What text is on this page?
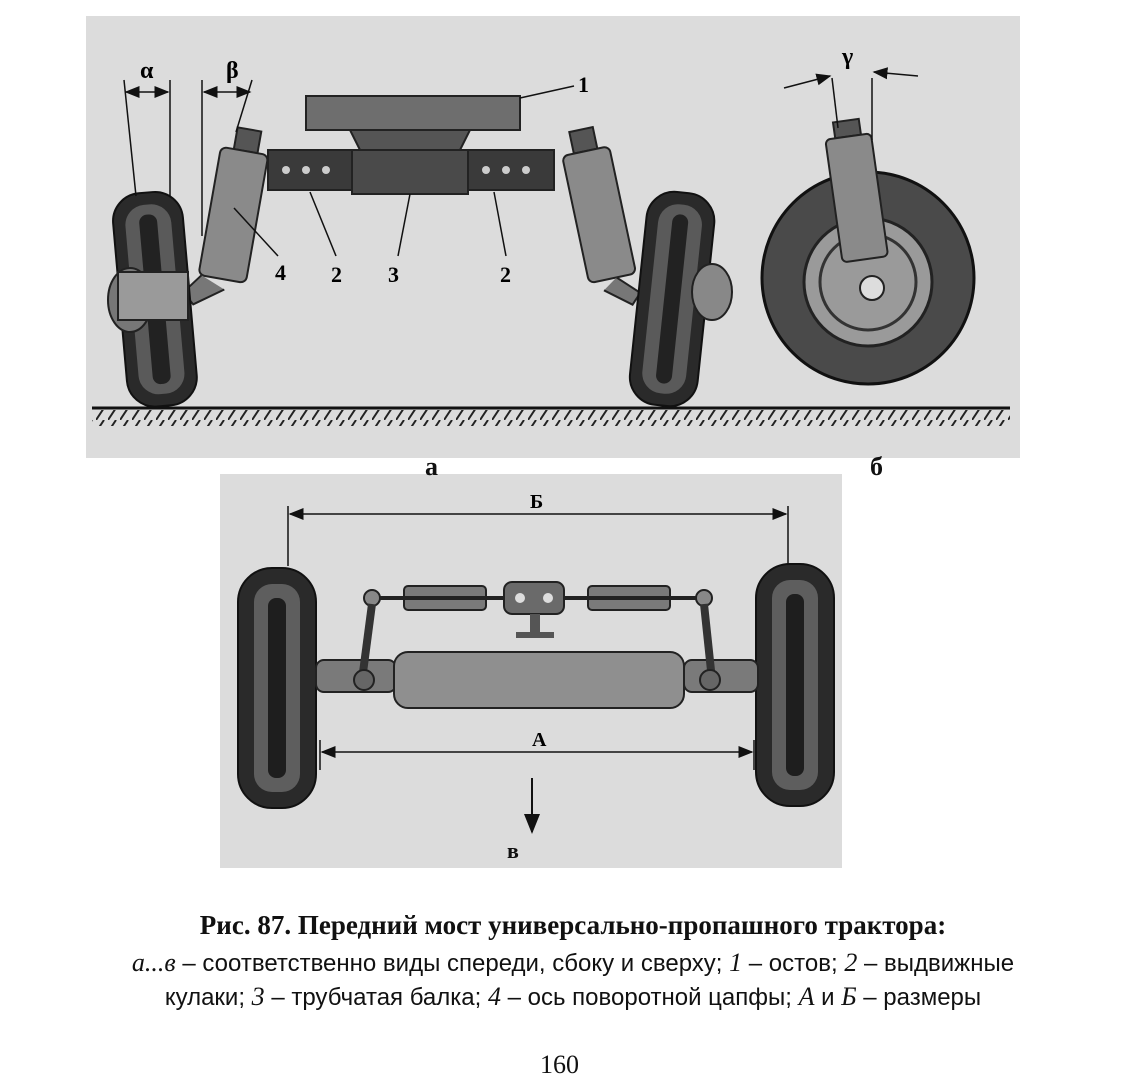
α	β
1
2 3	2
4
γ
Б
А
а	б
в
Рис. 87. Передний мост универсально-пропашного трактора:
а...в – соответственно виды спереди, сбоку и сверху; 1 – остов; 2 – выдвижные
кулаки; 3 – трубчатая балка; 4 – ось поворотной цапфы; А и Б – размеры
160
